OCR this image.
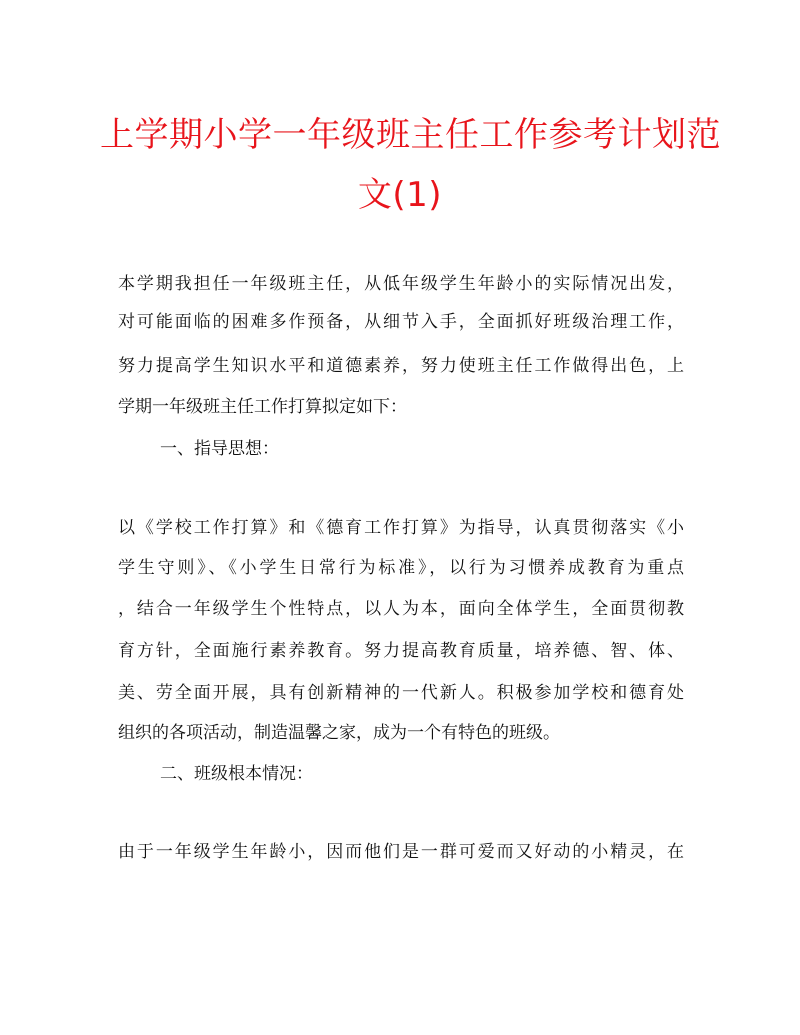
上学期小学一年级班主任工作参考计划范
文(1)
本学期我担任一年级班主任，从低年级学生年龄小的实际情况出发，
对可能面临的困难多作预备，从细节入手，全面抓好班级治理工作，
努力提高学生知识水平和道德素养，努力使班主任工作做得出色，上
学期一年级班主任工作打算拟定如下：
一、指导思想：
以《学校工作打算》和《德育工作打算》为指导，认真贯彻落实《小
学生守则》、《小学生日常行为标准》，以行为习惯养成教育为重点
，结合一年级学生个性特点，以人为本，面向全体学生，全面贯彻教
育方针，全面施行素养教育。努力提高教育质量，培养德、智、体、
美、劳全面开展，具有创新精神的一代新人。积极参加学校和德育处
组织的各项活动，制造温馨之家，成为一个有特色的班级。
二、班级根本情况：
由于一年级学生年龄小，因而他们是一群可爱而又好动的小精灵，在
